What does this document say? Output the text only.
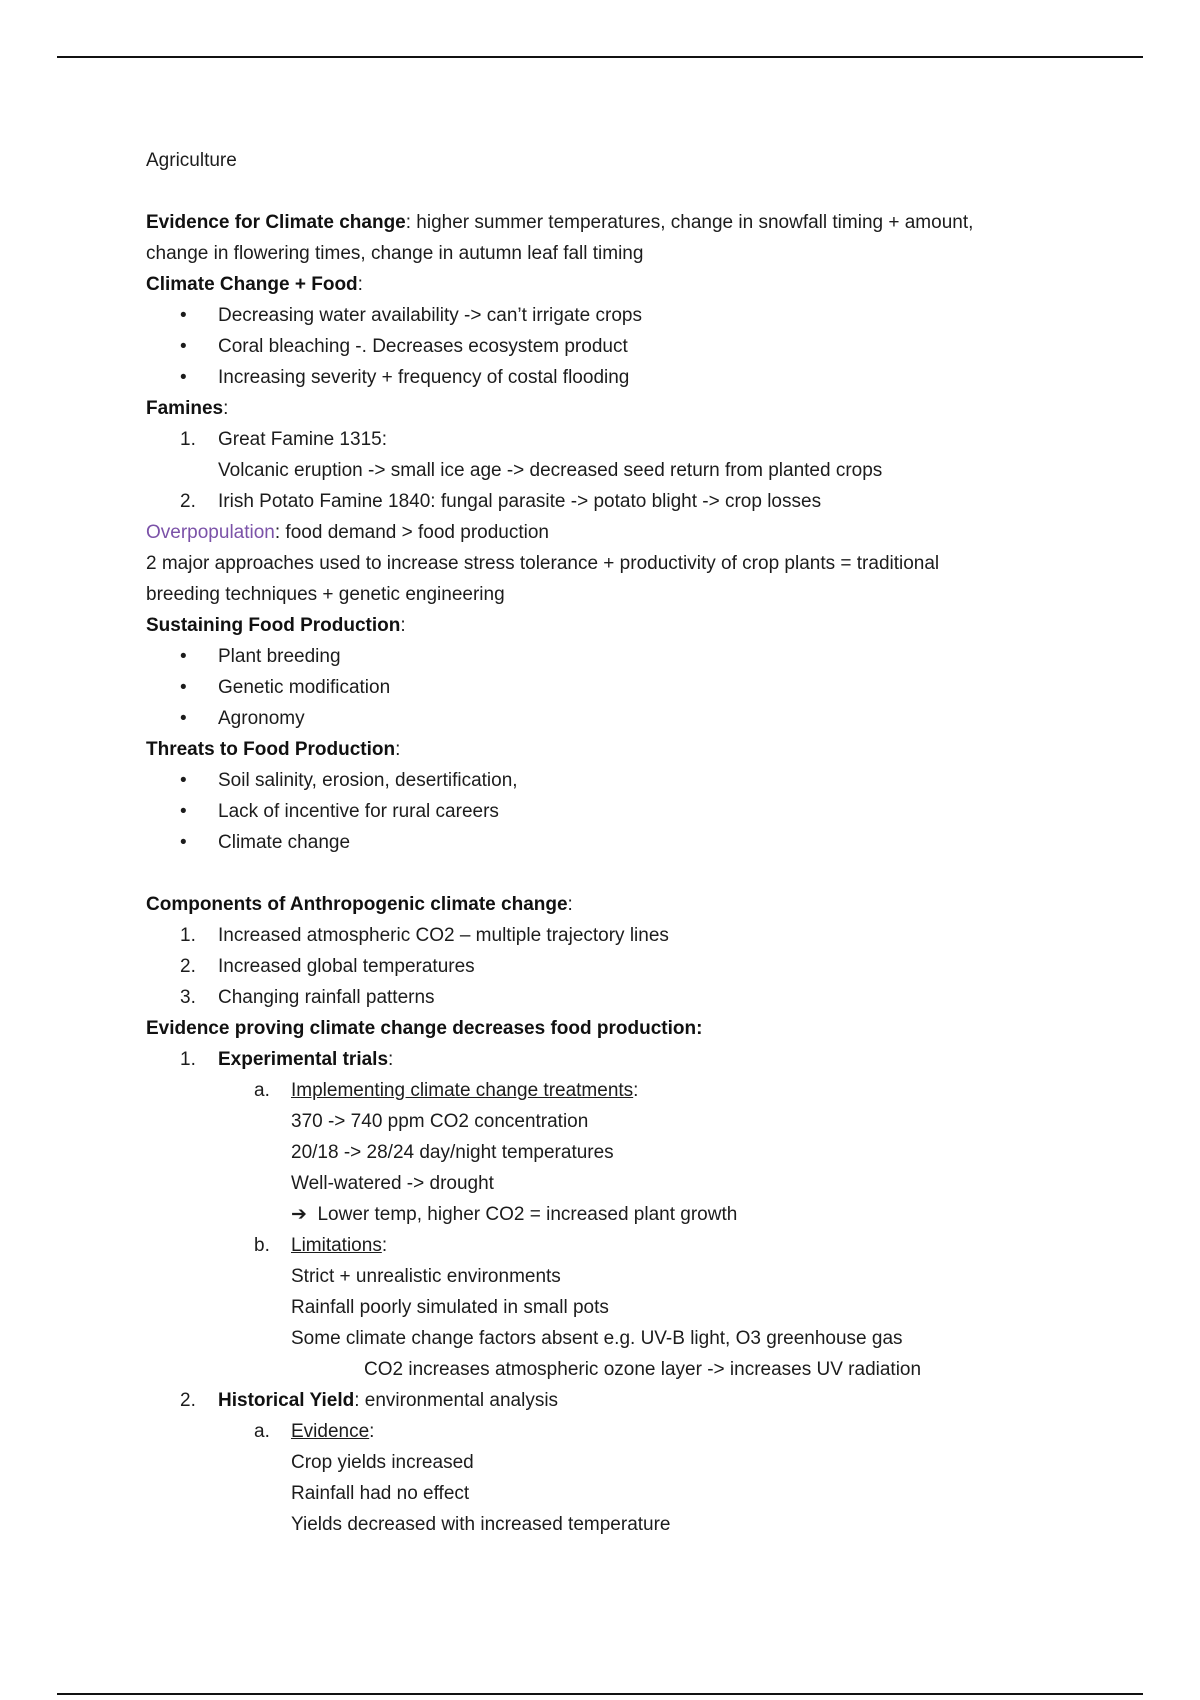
Agriculture
Evidence for Climate change: higher summer temperatures, change in snowfall timing + amount,
change in flowering times, change in autumn leaf fall timing
Climate Change + Food:
• Decreasing water availability -> can’t irrigate crops
• Coral bleaching -. Decreases ecosystem product
• Increasing severity + frequency of costal flooding
Famines:
1. Great Famine 1315:
Volcanic eruption -> small ice age -> decreased seed return from planted crops
2. Irish Potato Famine 1840: fungal parasite -> potato blight -> crop losses
Overpopulation: food demand > food production
2 major approaches used to increase stress tolerance + productivity of crop plants = traditional
breeding techniques + genetic engineering
Sustaining Food Production:
• Plant breeding
• Genetic modification
• Agronomy
Threats to Food Production:
• Soil salinity, erosion, desertification,
• Lack of incentive for rural careers
• Climate change
Components of Anthropogenic climate change:
1. Increased atmospheric CO2 – multiple trajectory lines
2. Increased global temperatures
3. Changing rainfall patterns
Evidence proving climate change decreases food production:
1. Experimental trials:
a. Implementing climate change treatments:
370 -> 740 ppm CO2 concentration
20/18 -> 28/24 day/night temperatures
Well-watered -> drought
➔ Lower temp, higher CO2 = increased plant growth
b. Limitations:
Strict + unrealistic environments
Rainfall poorly simulated in small pots
Some climate change factors absent e.g. UV-B light, O3 greenhouse gas
CO2 increases atmospheric ozone layer -> increases UV radiation
2. Historical Yield: environmental analysis
a. Evidence:
Crop yields increased
Rainfall had no effect
Yields decreased with increased temperature
